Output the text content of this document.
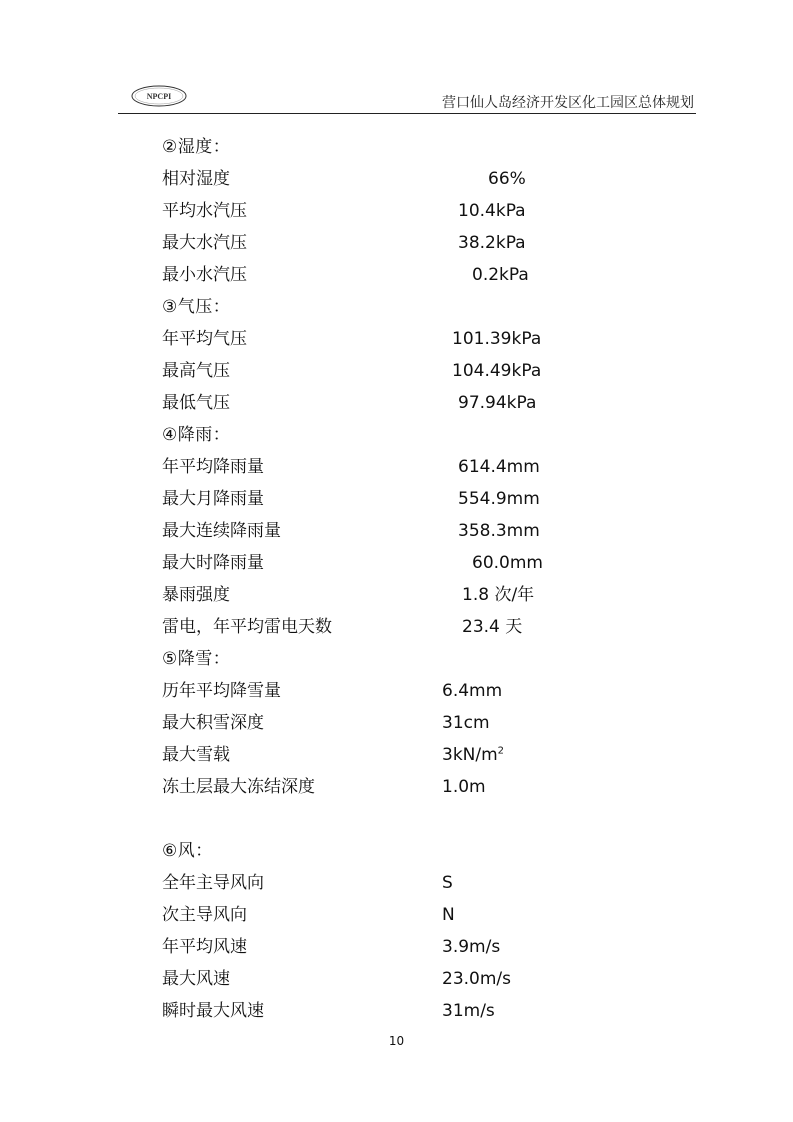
NPCPI	营口仙人岛经济开发区化工园区总体规划
②湿度：
相对湿度	66%
平均水汽压	10.4kPa
最大水汽压	38.2kPa
最小水汽压	0.2kPa
③气压：
年平均气压	101.39kPa
最高气压	104.49kPa
最低气压	97.94kPa
④降雨：
年平均降雨量	614.4mm
最大月降雨量	554.9mm
最大连续降雨量	358.3mm
最大时降雨量	60.0mm
暴雨强度	1.8 次/年
雷电，年平均雷电天数	23.4 天
⑤降雪：
历年平均降雪量	6.4mm
最大积雪深度	31cm
最大雪载	$3kN/m^2$
冻土层最大冻结深度	1.0m
⑥风：
全年主导风向	S
次主导风向	N
年平均风速	3.9m/s
最大风速	23.0m/s
瞬时最大风速	31m/s
10
